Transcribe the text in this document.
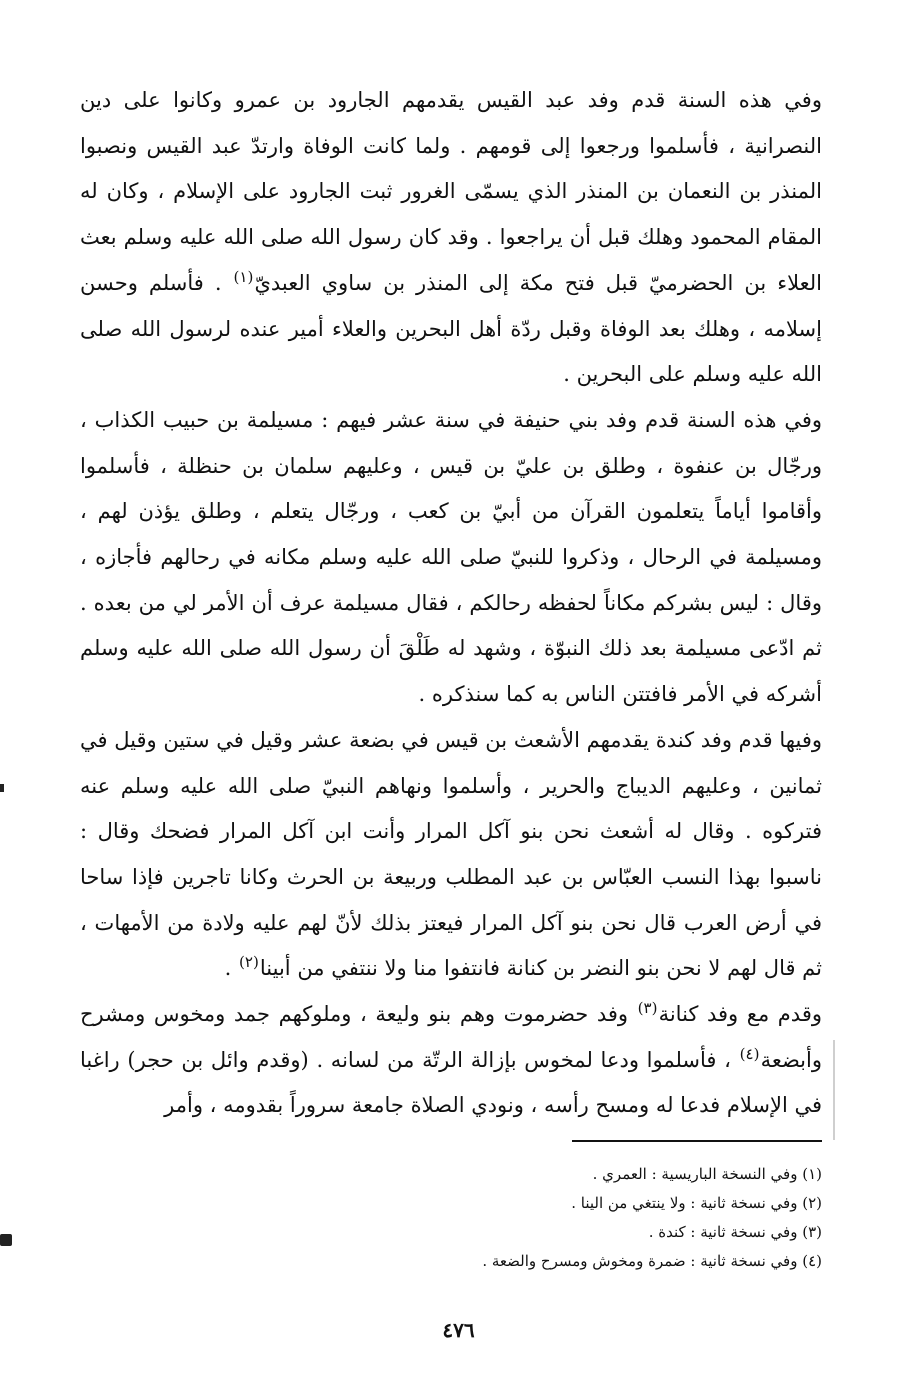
وفي هذه السنة قدم وفد عبد القيس يقدمهم الجارود بن عمرو وكانوا على دين النصرانية ، فأسلموا ورجعوا إلى قومهم . ولما كانت الوفاة وارتدّ عبد القيس ونصبوا المنذر بن النعمان بن المنذر الذي يسمّى الغرور ثبت الجارود على الإسلام ، وكان له المقام المحمود وهلك قبل أن يراجعوا . وقد كان رسول الله صلى الله عليه وسلم بعث العلاء بن الحضرميّ قبل فتح مكة إلى المنذر بن ساوي العبديّ$^{(١)}$ . فأسلم وحسن إسلامه ، وهلك بعد الوفاة وقبل ردّة أهل البحرين والعلاء أمير عنده لرسول الله صلى الله عليه وسلم على البحرين .

وفي هذه السنة قدم وفد بني حنيفة في سنة عشر فيهم : مسيلمة بن حبيب الكذاب ، ورجّال بن عنفوة ، وطلق بن عليّ بن قيس ، وعليهم سلمان بن حنظلة ، فأسلموا وأقاموا أياماً يتعلمون القرآن من أبيّ بن كعب ، ورجّال يتعلم ، وطلق يؤذن لهم ، ومسيلمة في الرحال ، وذكروا للنبيّ صلى الله عليه وسلم مكانه في رحالهم فأجازه ، وقال : ليس بشركم مكاناً لحفظه رحالكم ، فقال مسيلمة عرف أن الأمر لي من بعده . ثم ادّعى مسيلمة بعد ذلك النبوّة ، وشهد له طَلْقَ أن رسول الله صلى الله عليه وسلم أشركه في الأمر فافتتن الناس به كما سنذكره .

وفيها قدم وفد كندة يقدمهم الأشعث بن قيس في بضعة عشر وقيل في ستين وقيل في ثمانين ، وعليهم الديباج والحرير ، وأسلموا ونهاهم النبيّ صلى الله عليه وسلم عنه فتركوه . وقال له أشعث نحن بنو آكل المرار وأنت ابن آكل المرار فضحك وقال : ناسبوا بهذا النسب العبّاس بن عبد المطلب وربيعة بن الحرث وكانا تاجرين فإذا ساحا في أرض العرب قال نحن بنو آكل المرار فيعتز بذلك لأنّ لهم عليه ولادة من الأمهات ، ثم قال لهم لا نحن بنو النضر بن كنانة فانتفوا منا ولا ننتفي من أبينا$^{(٢)}$ .

وقدم مع وفد كنانة$^{(٣)}$ وفد حضرموت وهم بنو وليعة ، وملوكهم جمد ومخوس ومشرح وأبضعة$^{(٤)}$ ، فأسلموا ودعا لمخوس بإزالة الرتّة من لسانه . (وقدم وائل بن حجر) راغبا في الإسلام فدعا له ومسح رأسه ، ونودي الصلاة جامعة سروراً بقدومه ، وأمر

(١) وفي النسخة الباريسية : العمري .
(٢) وفي نسخة ثانية : ولا ينتغي من الينا .
(٣) وفي نسخة ثانية : كندة .
(٤) وفي نسخة ثانية : ضمرة ومخوش ومسرح والضعة .
٤٧٦
